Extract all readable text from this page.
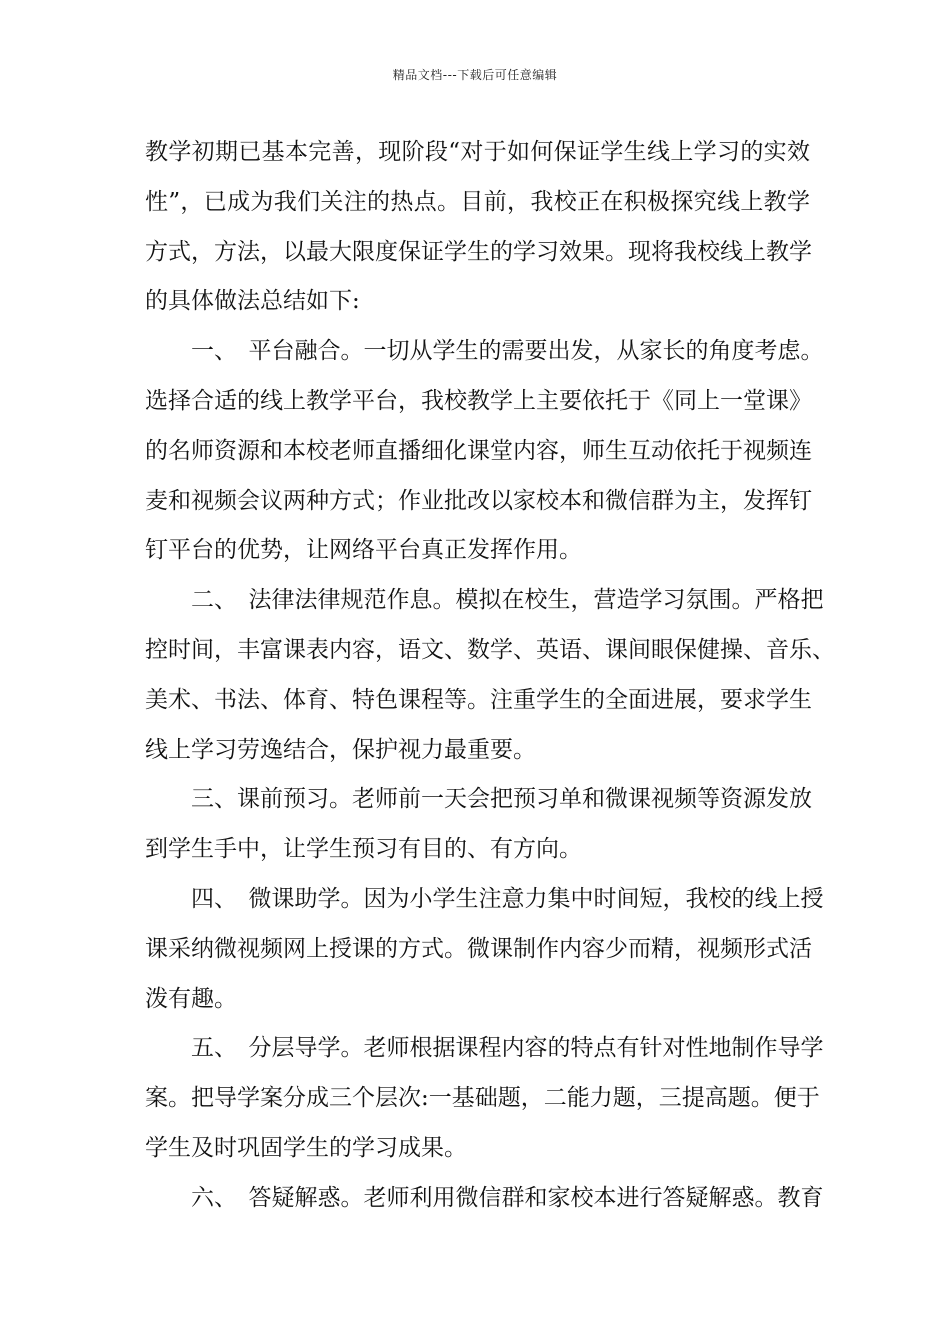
精品文档---下载后可任意编辑
教学初期已基本完善，现阶段“对于如何保证学生线上学习的实效
性”，已成为我们关注的热点。目前，我校正在积极探究线上教学
方式，方法，以最大限度保证学生的学习效果。现将我校线上教学
的具体做法总结如下:
一、　平台融合。一切从学生的需要出发，从家长的角度考虑。
选择合适的线上教学平台，我校教学上主要依托于《同上一堂课》
的名师资源和本校老师直播细化课堂内容，师生互动依托于视频连
麦和视频会议两种方式；作业批改以家校本和微信群为主，发挥钉
钉平台的优势，让网络平台真正发挥作用。
二、　法律法律规范作息。模拟在校生，营造学习氛围。严格把
控时间，丰富课表内容，语文、数学、英语、课间眼保健操、音乐、
美术、书法、体育、特色课程等。注重学生的全面进展，要求学生
线上学习劳逸结合，保护视力最重要。
三、课前预习。老师前一天会把预习单和微课视频等资源发放
到学生手中，让学生预习有目的、有方向。
四、　微课助学。因为小学生注意力集中时间短，我校的线上授
课采纳微视频网上授课的方式。微课制作内容少而精，视频形式活
泼有趣。
五、　分层导学。老师根据课程内容的特点有针对性地制作导学
案。把导学案分成三个层次:一基础题，二能力题，三提高题。便于
学生及时巩固学生的学习成果。
六、　答疑解惑。老师利用微信群和家校本进行答疑解惑。教育
